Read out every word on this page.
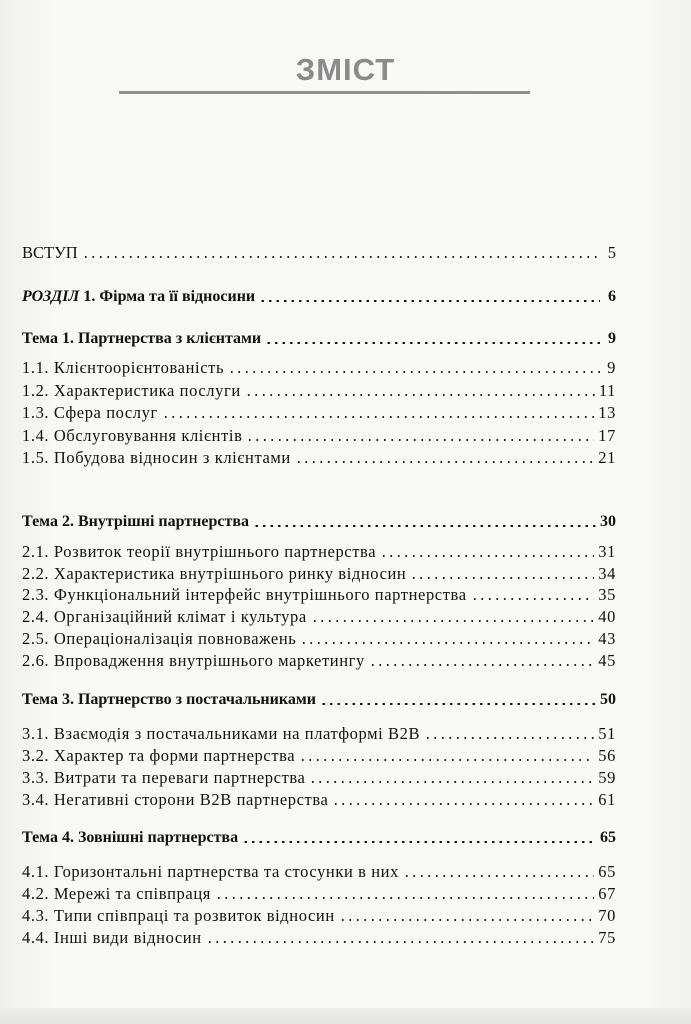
ЗМІСТ
ВСТУП	5
РОЗДІЛ 1. Фірма та її відносини	6
Тема 1. Партнерства з клієнтами	9
1.1. Клієнтоорієнтованість	9
1.2. Характеристика послуги	11
1.3. Сфера послуг	13
1.4. Обслуговування клієнтів	17
1.5. Побудова відносин з клієнтами	21
Тема 2. Внутрішні партнерства	30
2.1. Розвиток теорії внутрішнього партнерства	31
2.2. Характеристика внутрішнього ринку відносин	34
2.3. Функціональний інтерфейс внутрішнього партнерства	35
2.4. Організаційний клімат і культура	40
2.5. Операціоналізація повноважень	43
2.6. Впровадження внутрішнього маркетингу	45
Тема 3. Партнерство з постачальниками	50
3.1. Взаємодія з постачальниками на платформі B2B	51
3.2. Характер та форми партнерства	56
3.3. Витрати та переваги партнерства	59
3.4. Негативні сторони B2B партнерства	61
Тема 4. Зовнішні партнерства	65
4.1. Горизонтальні партнерства та стосунки в них	65
4.2. Мережі та співпраця	67
4.3. Типи співпраці та розвиток відносин	70
4.4. Інші види відносин	75
